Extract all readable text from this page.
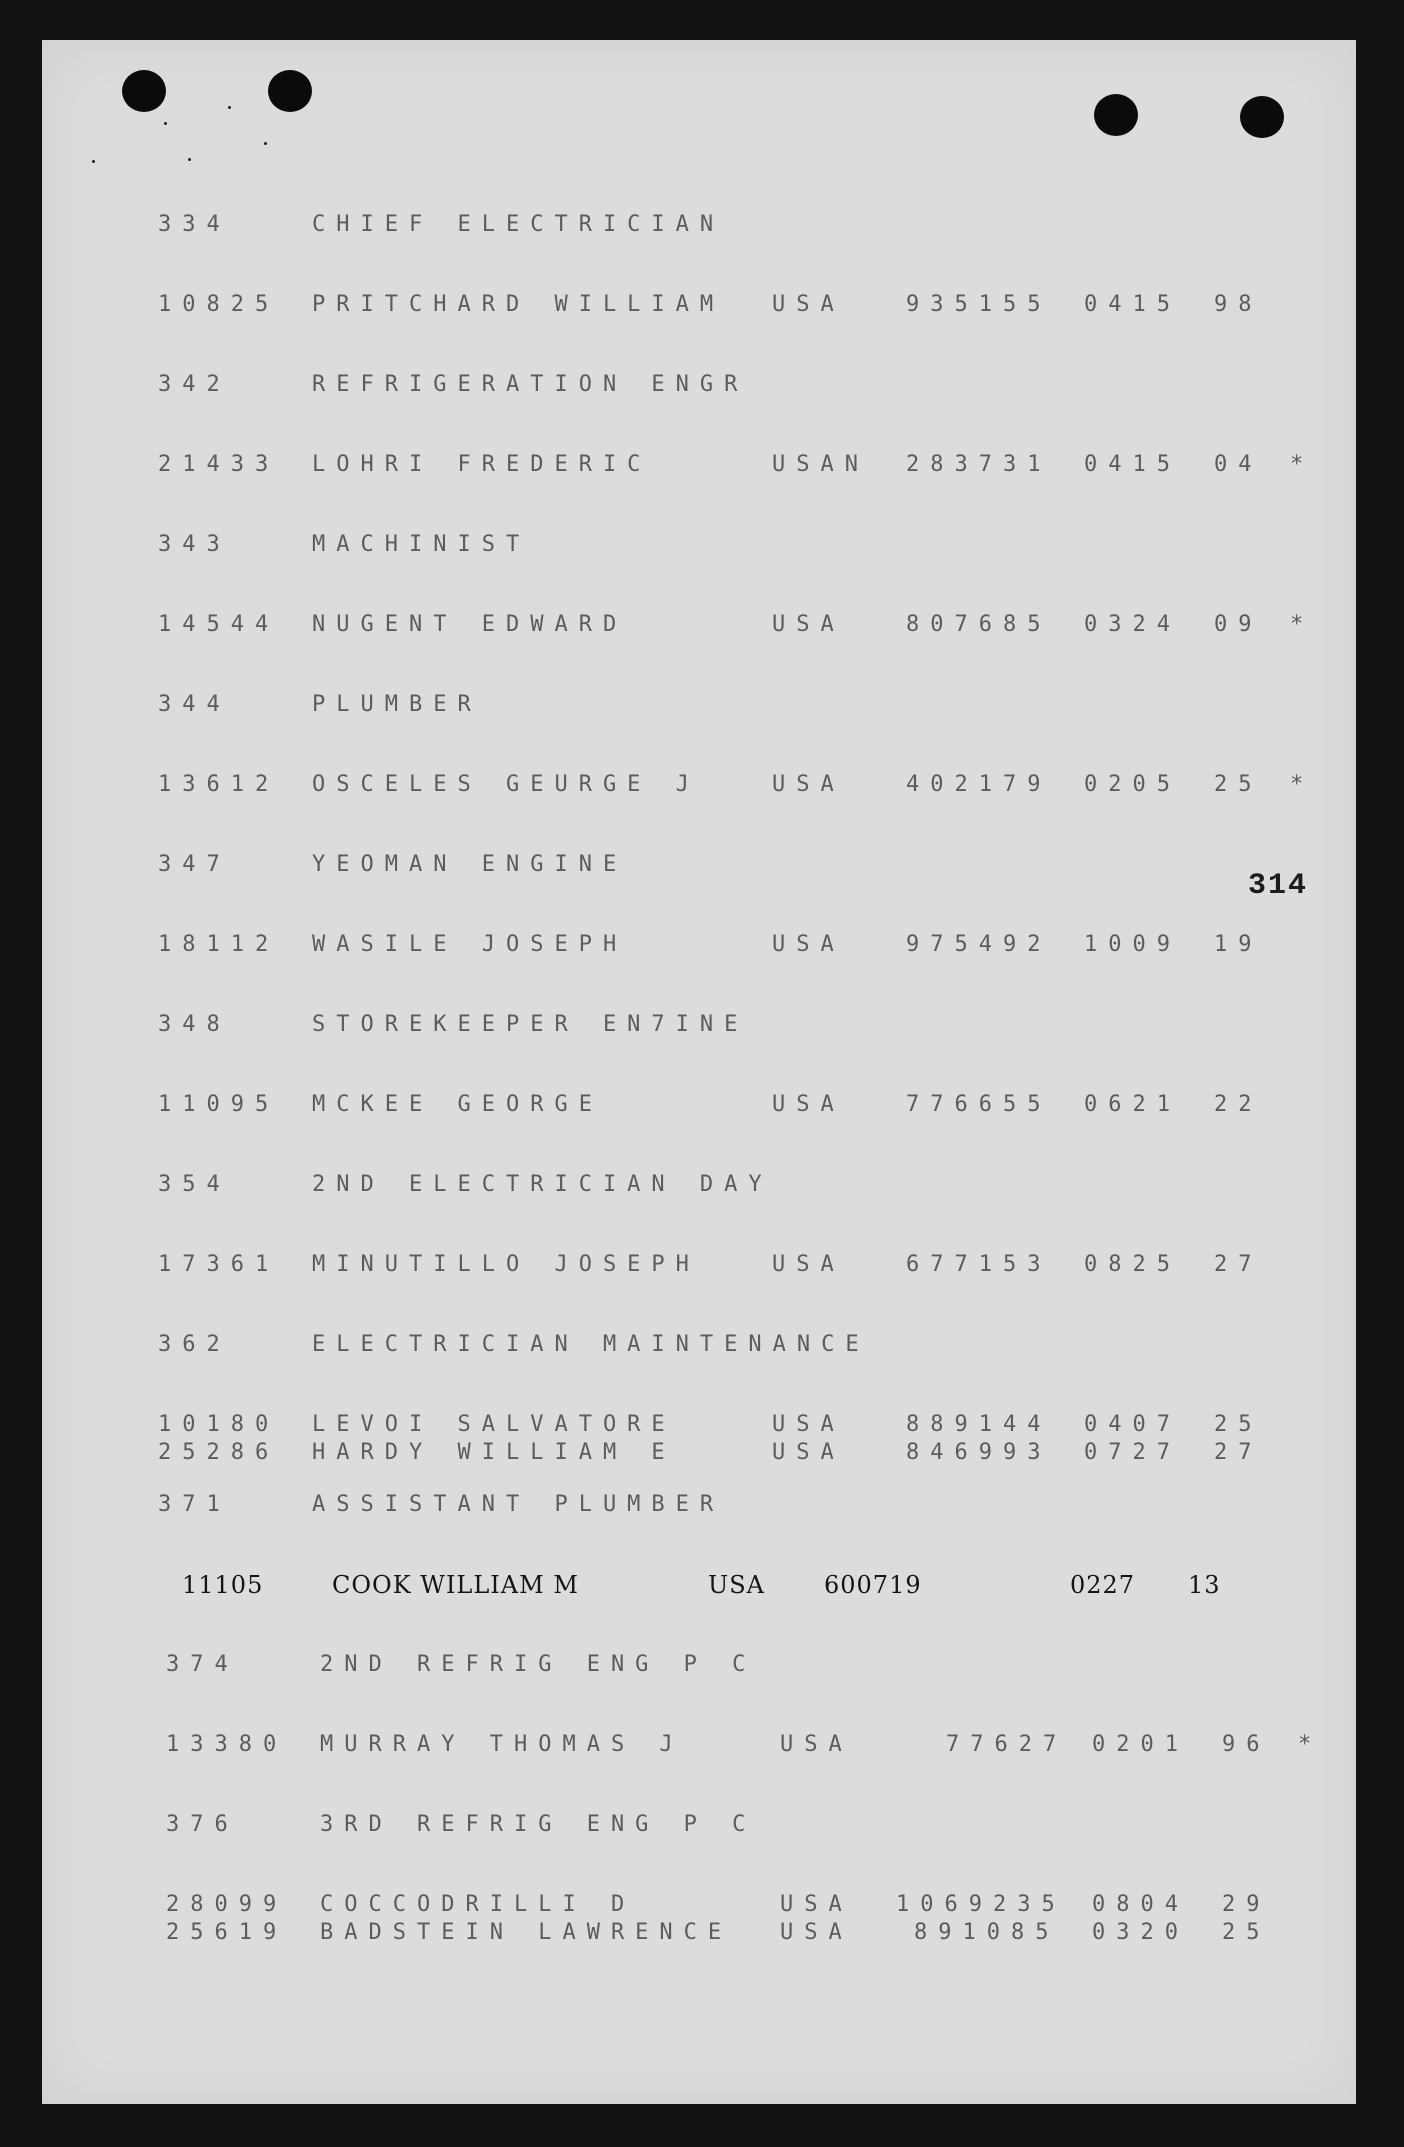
314
334	CHIEF ELECTRICIAN
10825 PRITCHARD WILLIAM USA	935155 0415 98
342	REFRIGERATION ENGR
21433 LOHRI FREDERIC	USAN 283731 0415 04 *
343	MACHINIST
14544 NUGENT EDWARD	USA	807685 0324 09 *
344	PLUMBER
13612 OSCELES GEURGE J	USA	402179 0205 25 *
347	YEOMAN ENGINE
18112 WASILE JOSEPH	USA	975492 1009 19
348	STOREKEEPER EN7INE
11095 MCKEE GEORGE	USA	776655 0621 22
354	2ND ELECTRICIAN DAY
17361 MINUTILLO JOSEPH	USA	677153 0825 27
362	ELECTRICIAN MAINTENANCE
10180 LEVOI SALVATORE	USA	889144 0407 25
25286 HARDY WILLIAM E	USA	846993 0727 27
371	ASSISTANT PLUMBER
11105	COOK WILLIAM M	USA 600719	0227 13
374	2ND REFRIG ENG P C
13380 MURRAY THOMAS J	USA	77627 0201 96 *
376	3RD REFRIG ENG P C
28099 COCCODRILLI D	USA 1069235 0804 29
25619 BADSTEIN LAWRENCE USA	891085 0320 25
